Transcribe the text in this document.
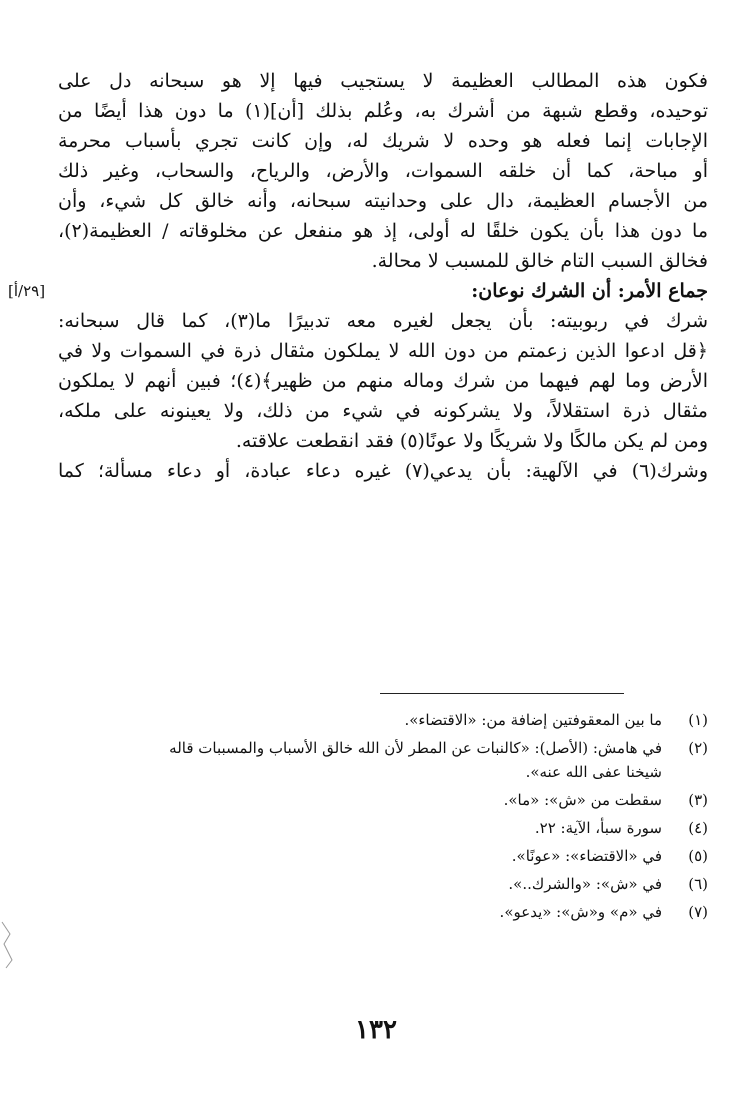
فكون هذه المطالب العظيمة لا يستجيب فيها إلا هو سبحانه دل على
توحيده، وقطع شبهة من أشرك به، وعُلم بذلك [أن](١) ما دون هذا أيضًا من
الإجابات إنما فعله هو وحده لا شريك له، وإن كانت تجري بأسباب محرمة
أو مباحة، كما أن خلقه السموات، والأرض، والرياح، والسحاب، وغير ذلك
من الأجسام العظيمة، دال على وحدانيته سبحانه، وأنه خالق كل شيء، وأن
ما دون هذا بأن يكون خلقًا له أولى، إذ هو منفعل عن مخلوقاته / العظيمة(٢)،
فخالق السبب التام خالق للمسبب لا محالة.
جماع الأمر: أن الشرك نوعان:
شرك في ربوبيته: بأن يجعل لغيره معه تدبيرًا ما(٣)، كما قال سبحانه:
﴿قل ادعوا الذين زعمتم من دون الله لا يملكون مثقال ذرة في السموات ولا في
الأرض وما لهم فيهما من شرك وماله منهم من ظهير﴾(٤)؛ فبين أنهم لا يملكون
مثقال ذرة استقلالاً، ولا يشركونه في شيء من ذلك، ولا يعينونه على ملكه،
ومن لم يكن مالكًا ولا شريكًا ولا عونًا(٥) فقد انقطعت علاقته.
وشرك(٦) في الآلهية: بأن يدعي(٧) غيره دعاء عبادة، أو دعاء مسألة؛ كما
[٢٩/أ]
(١)
ما بين المعقوفتين إضافة من: «الاقتضاء».
(٢)
في هامش: (الأصل): «كالنبات عن المطر لأن الله خالق الأسباب والمسببات قاله
شيخنا عفى الله عنه».
(٣)
سقطت من «ش»: «ما».
(٤)
سورة سبأ، الآية: ٢٢.
(٥)
في «الاقتضاء»: «عونًا».
(٦)
في «ش»: «والشرك..».
(٧)
في «م» و«ش»: «يدعو».
١٣٢
